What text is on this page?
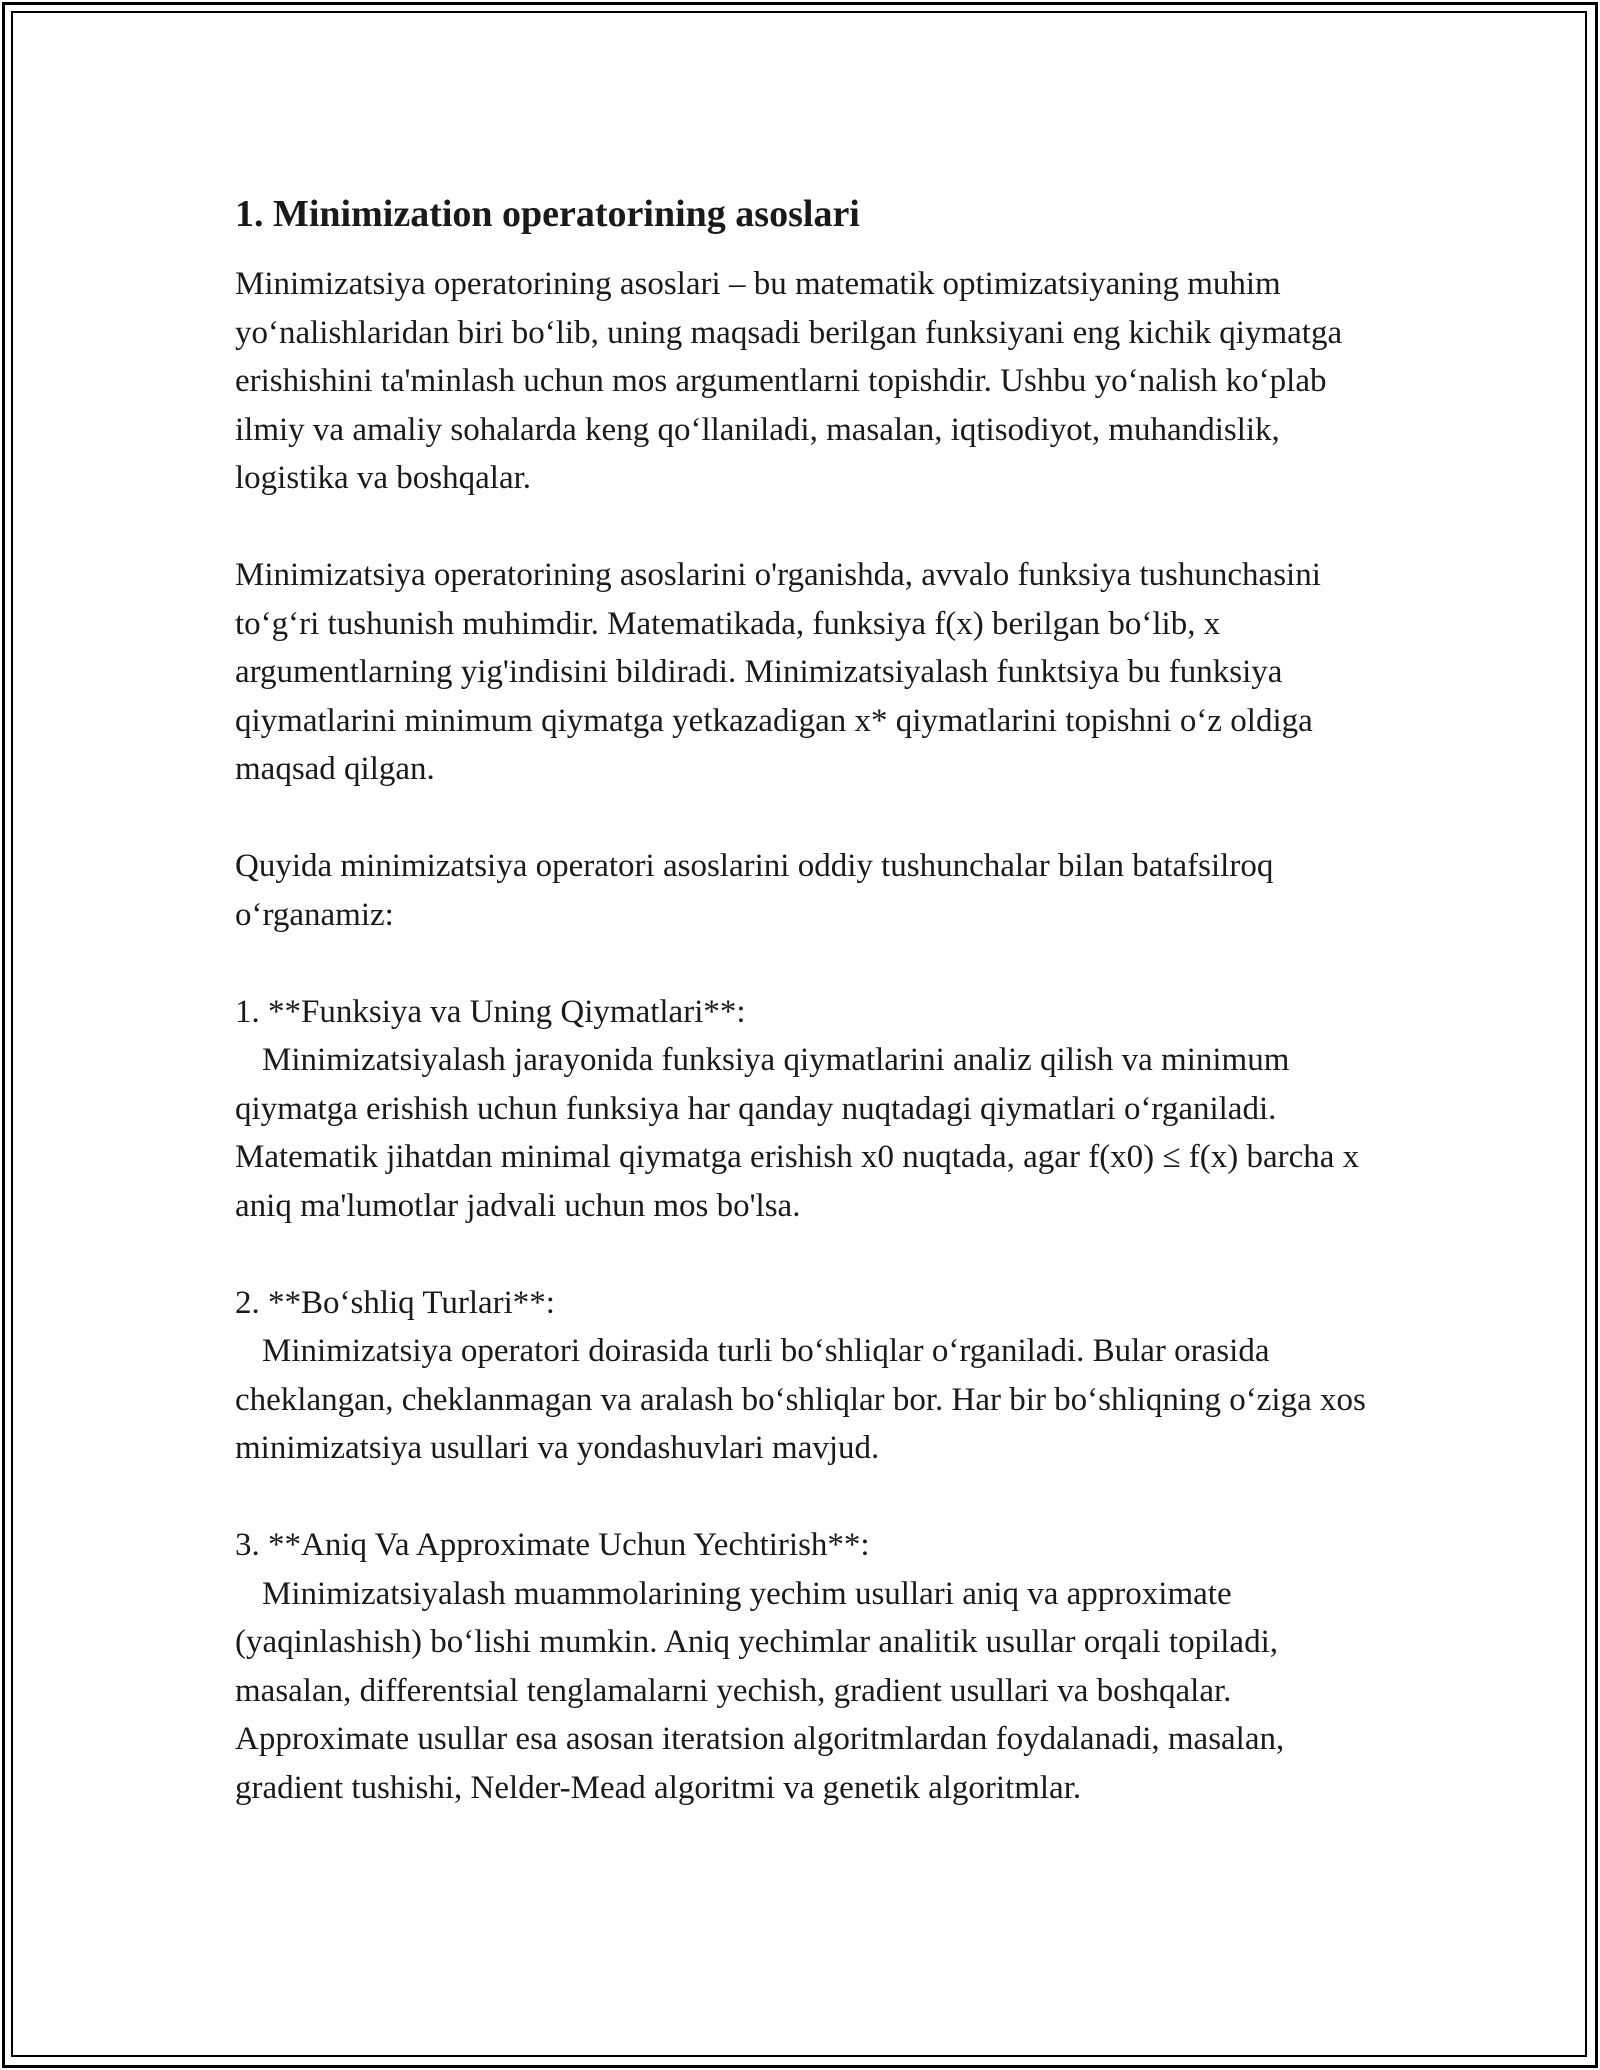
1. Minimization operatorining asoslari

Minimizatsiya operatorining asoslari – bu matematik optimizatsiyaning muhim yo‘nalishlaridan biri bo‘lib, uning maqsadi berilgan funksiyani eng kichik qiymatga erishishini ta'minlash uchun mos argumentlarni topishdir. Ushbu yo‘nalish ko‘plab ilmiy va amaliy sohalarda keng qo‘llaniladi, masalan, iqtisodiyot, muhandislik, logistika va boshqalar.

Minimizatsiya operatorining asoslarini o'rganishda, avvalo funksiya tushunchasini to‘g‘ri tushunish muhimdir. Matematikada, funksiya f(x) berilgan bo‘lib, x argumentlarning yig'indisini bildiradi. Minimizatsiyalash funktsiya bu funksiya qiymatlarini minimum qiymatga yetkazadigan x* qiymatlarini topishni o‘z oldiga maqsad qilgan.

Quyida minimizatsiya operatori asoslarini oddiy tushunchalar bilan batafsilroq o‘rganamiz:

1. **Funksiya va Uning Qiymatlari**:
Minimizatsiyalash jarayonida funksiya qiymatlarini analiz qilish va minimum qiymatga erishish uchun funksiya har qanday nuqtadagi qiymatlari o‘rganiladi. Matematik jihatdan minimal qiymatga erishish x0 nuqtada, agar f(x0) ≤ f(x) barcha x aniq ma'lumotlar jadvali uchun mos bo'lsa.
2. **Bo‘shliq Turlari**:
Minimizatsiya operatori doirasida turli bo‘shliqlar o‘rganiladi. Bular orasida cheklangan, cheklanmagan va aralash bo‘shliqlar bor. Har bir bo‘shliqning o‘ziga xos minimizatsiya usullari va yondashuvlari mavjud.
3. **Aniq Va Approximate Uchun Yechtirish**:
Minimizatsiyalash muammolarining yechim usullari aniq va approximate (yaqinlashish) bo‘lishi mumkin. Aniq yechimlar analitik usullar orqali topiladi, masalan, differentsial tenglamalarni yechish, gradient usullari va boshqalar. Approximate usullar esa asosan iteratsion algoritmlardan foydalanadi, masalan, gradient tushishi, Nelder-Mead algoritmi va genetik algoritmlar.
